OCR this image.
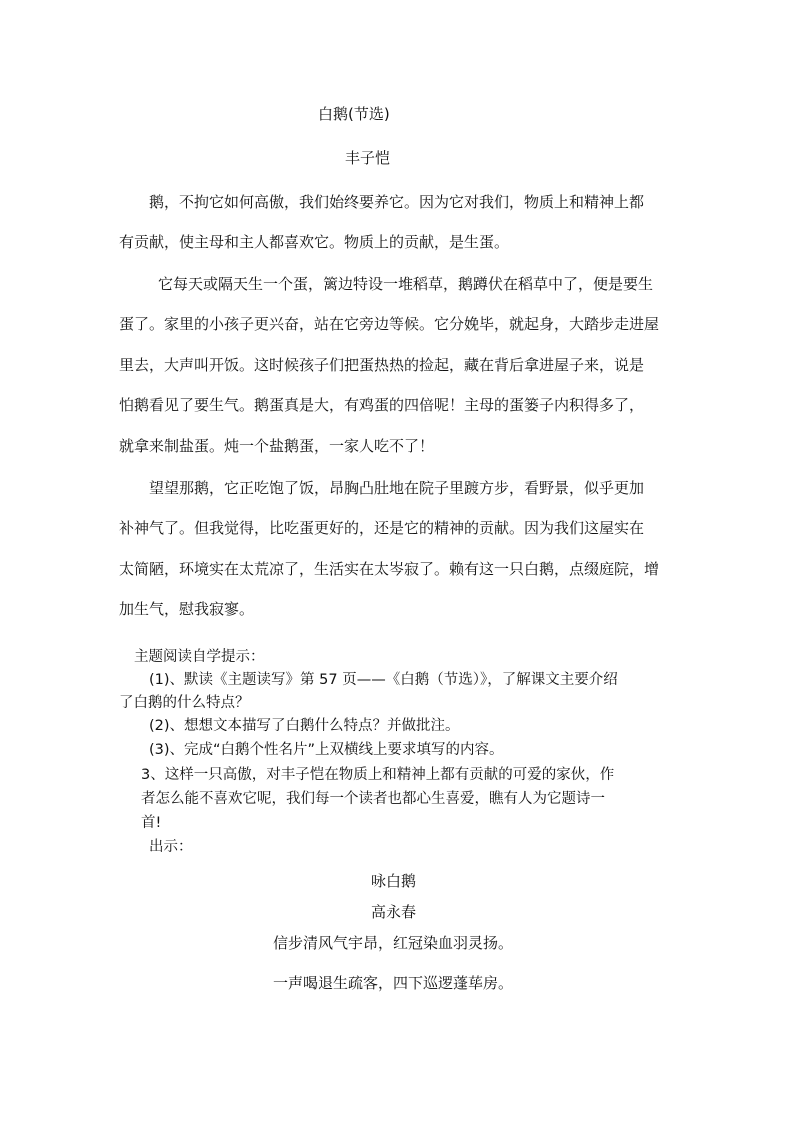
白鹅(节选)
丰子恺
鹅，不拘它如何高傲，我们始终要养它。因为它对我们，物质上和精神上都
有贡献，使主母和主人都喜欢它。物质上的贡献，是生蛋。
它每天或隔天生一个蛋，篱边特设一堆稻草，鹅蹲伏在稻草中了，便是要生
蛋了。家里的小孩子更兴奋，站在它旁边等候。它分娩毕，就起身，大踏步走进屋
里去，大声叫开饭。这时候孩子们把蛋热热的捡起，藏在背后拿进屋子来，说是
怕鹅看见了要生气。鹅蛋真是大，有鸡蛋的四倍呢！主母的蛋篓子内积得多了，
就拿来制盐蛋。炖一个盐鹅蛋，一家人吃不了！
望望那鹅，它正吃饱了饭，昂胸凸肚地在院子里踱方步，看野景，似乎更加
补神气了。但我觉得，比吃蛋更好的，还是它的精神的贡献。因为我们这屋实在
太简陋，环境实在太荒凉了，生活实在太岑寂了。赖有这一只白鹅，点缀庭院，增
加生气，慰我寂寥。
主题阅读自学提示：
(1)、默读《主题读写》第 57 页——《白鹅（节选）》，了解课文主要介绍
了白鹅的什么特点？
(2)、想想文本描写了白鹅什么特点？并做批注。
(3)、完成“白鹅个性名片”上双横线上要求填写的内容。
3、这样一只高傲，对丰子恺在物质上和精神上都有贡献的可爱的家伙，作
者怎么能不喜欢它呢，我们每一个读者也都心生喜爱，瞧有人为它题诗一
首!
出示：
咏白鹅
高永春
信步清风气宇昂，红冠染血羽灵扬。
一声喝退生疏客，四下巡逻蓬荜房。
